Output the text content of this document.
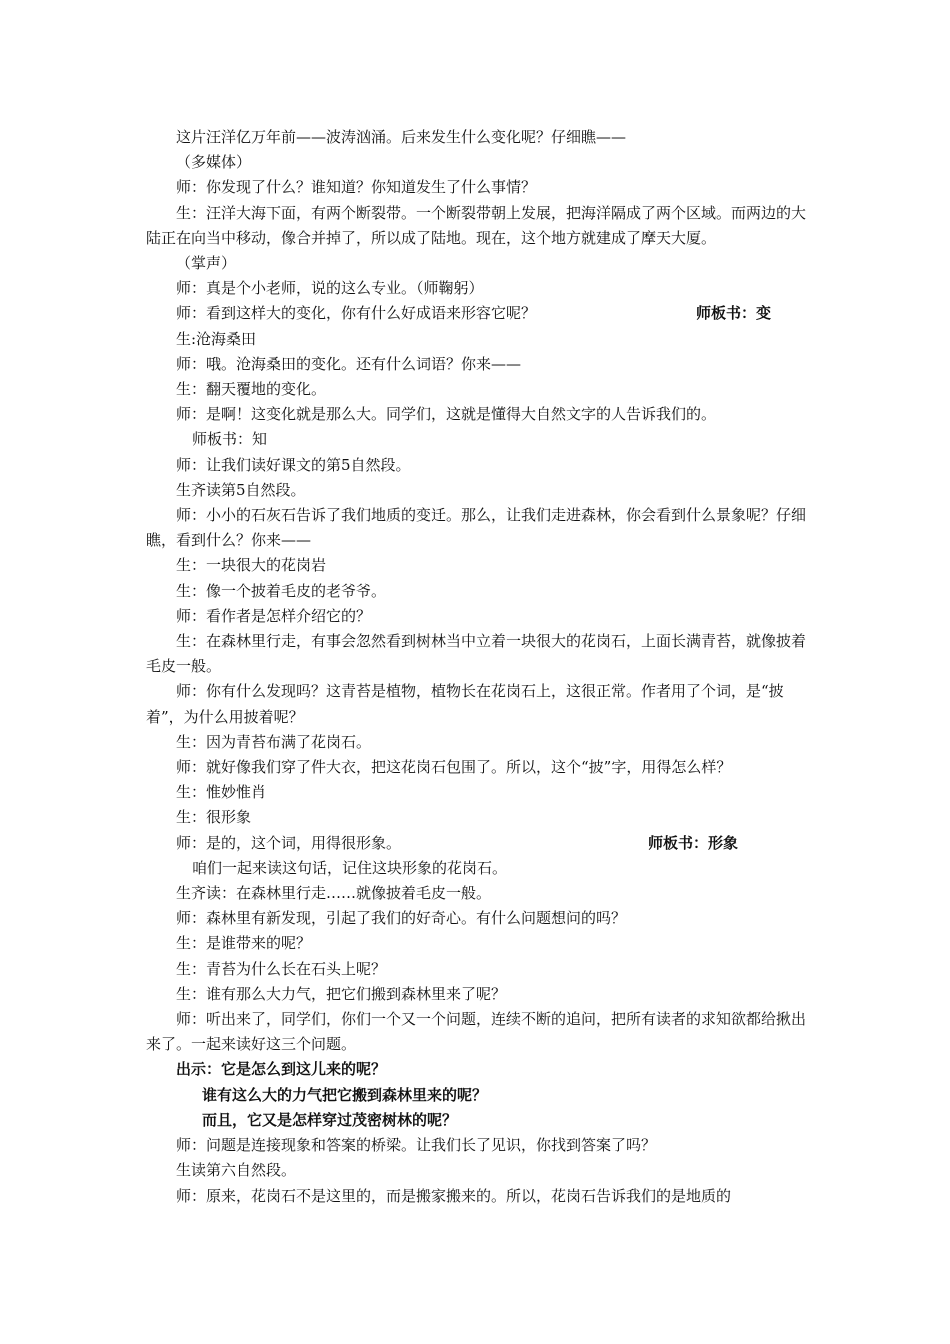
这片汪洋亿万年前——波涛汹涌。后来发生什么变化呢？仔细瞧——

（多媒体）

师：你发现了什么？谁知道？你知道发生了什么事情？

生：汪洋大海下面，有两个断裂带。一个断裂带朝上发展，把海洋隔成了两个区域。而两边的大陆正在向当中移动，像合并掉了，所以成了陆地。现在，这个地方就建成了摩天大厦。

（掌声）

师：真是个小老师，说的这么专业。（师鞠躬）

师：看到这样大的变化，你有什么好成语来形容它呢？	师板书：变

生:沧海桑田

师：哦。沧海桑田的变化。还有什么词语？你来——

生：翻天覆地的变化。

师：是啊！这变化就是那么大。同学们，这就是懂得大自然文字的人告诉我们的。

师板书：知

师：让我们读好课文的第5自然段。

生齐读第5自然段。

师：小小的石灰石告诉了我们地质的变迁。那么，让我们走进森林，你会看到什么景象呢？仔细瞧，看到什么？你来——

生：一块很大的花岗岩

生：像一个披着毛皮的老爷爷。

师：看作者是怎样介绍它的？

生：在森林里行走，有事会忽然看到树林当中立着一块很大的花岗石，上面长满青苔，就像披着毛皮一般。

师：你有什么发现吗？这青苔是植物，植物长在花岗石上，这很正常。作者用了个词，是“披着”，为什么用披着呢？

生：因为青苔布满了花岗石。

师：就好像我们穿了件大衣，把这花岗石包围了。所以，这个“披”字，用得怎么样？

生：惟妙惟肖

生：很形象

师：是的，这个词，用得很形象。	师板书：形象

咱们一起来读这句话，记住这块形象的花岗石。

生齐读：在森林里行走……就像披着毛皮一般。

师：森林里有新发现，引起了我们的好奇心。有什么问题想问的吗？

生：是谁带来的呢？

生：青苔为什么长在石头上呢？

生：谁有那么大力气，把它们搬到森林里来了呢？

师：听出来了，同学们，你们一个又一个问题，连续不断的追问，把所有读者的求知欲都给揪出来了。一起来读好这三个问题。

出示：它是怎么到这儿来的呢？

谁有这么大的力气把它搬到森林里来的呢？

而且，它又是怎样穿过茂密树林的呢？

师：问题是连接现象和答案的桥梁。让我们长了见识，你找到答案了吗？

生读第六自然段。

师：原来，花岗石不是这里的，而是搬家搬来的。所以，花岗石告诉我们的是地质的
